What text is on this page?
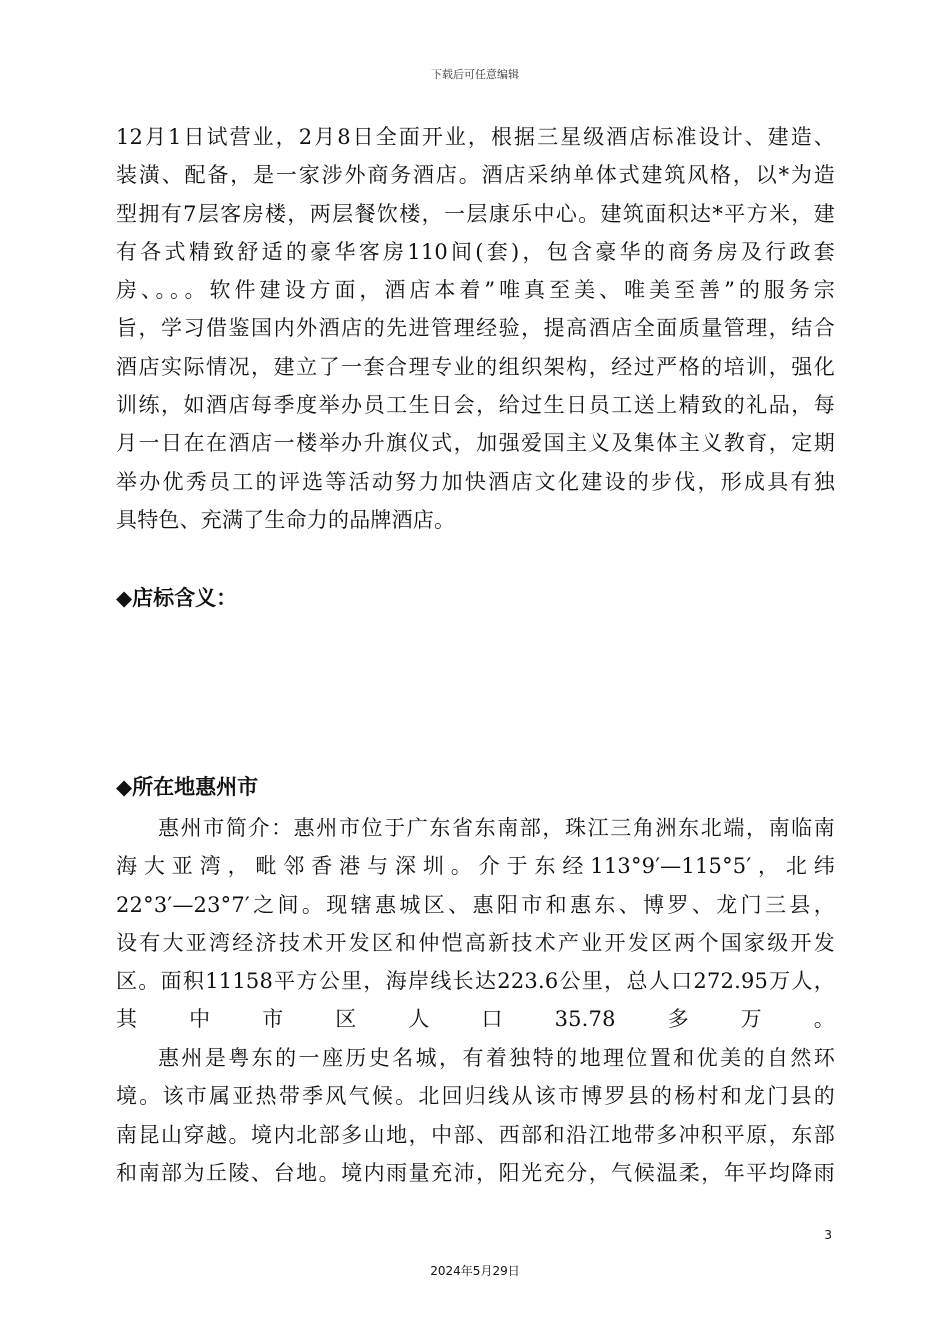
下载后可任意编辑
12月1日试营业，2月8日全面开业，根据三星级酒店标准设计、建造、
装潢、配备，是一家涉外商务酒店。酒店采纳单体式建筑风格，以*为造
型拥有7层客房楼，两层餐饮楼，一层康乐中心。建筑面积达*平方米，建
有各式精致舒适的豪华客房110间(套)，包含豪华的商务房及行政套
房、。。。软件建设方面，酒店本着”唯真至美、唯美至善”的服务宗
旨，学习借鉴国内外酒店的先进管理经验，提高酒店全面质量管理，结合
酒店实际情况，建立了一套合理专业的组织架构，经过严格的培训，强化
训练，如酒店每季度举办员工生日会，给过生日员工送上精致的礼品，每
月一日在在酒店一楼举办升旗仪式，加强爱国主义及集体主义教育，定期
举办优秀员工的评选等活动努力加快酒店文化建设的步伐，形成具有独
具特色、充满了生命力的品牌酒店。
◆店标含义：
◆所在地惠州市
惠州市简介：惠州市位于广东省东南部，珠江三角洲东北端，南临南
海大亚湾，毗邻香港与深圳。介于东经113°9′—115°5′，北纬
22°3′—23°7′之间。现辖惠城区、惠阳市和惠东、博罗、龙门三县，
设有大亚湾经济技术开发区和仲恺高新技术产业开发区两个国家级开发
区。面积11158平方公里，海岸线长达223.6公里，总人口272.95万人，
其 中 市 区 人 口 35.78 多 万 。
惠州是粤东的一座历史名城，有着独特的地理位置和优美的自然环
境。该市属亚热带季风气候。北回归线从该市博罗县的杨村和龙门县的
南昆山穿越。境内北部多山地，中部、西部和沿江地带多冲积平原，东部
和南部为丘陵、台地。境内雨量充沛，阳光充分，气候温柔，年平均降雨
3
2024年5月29日
